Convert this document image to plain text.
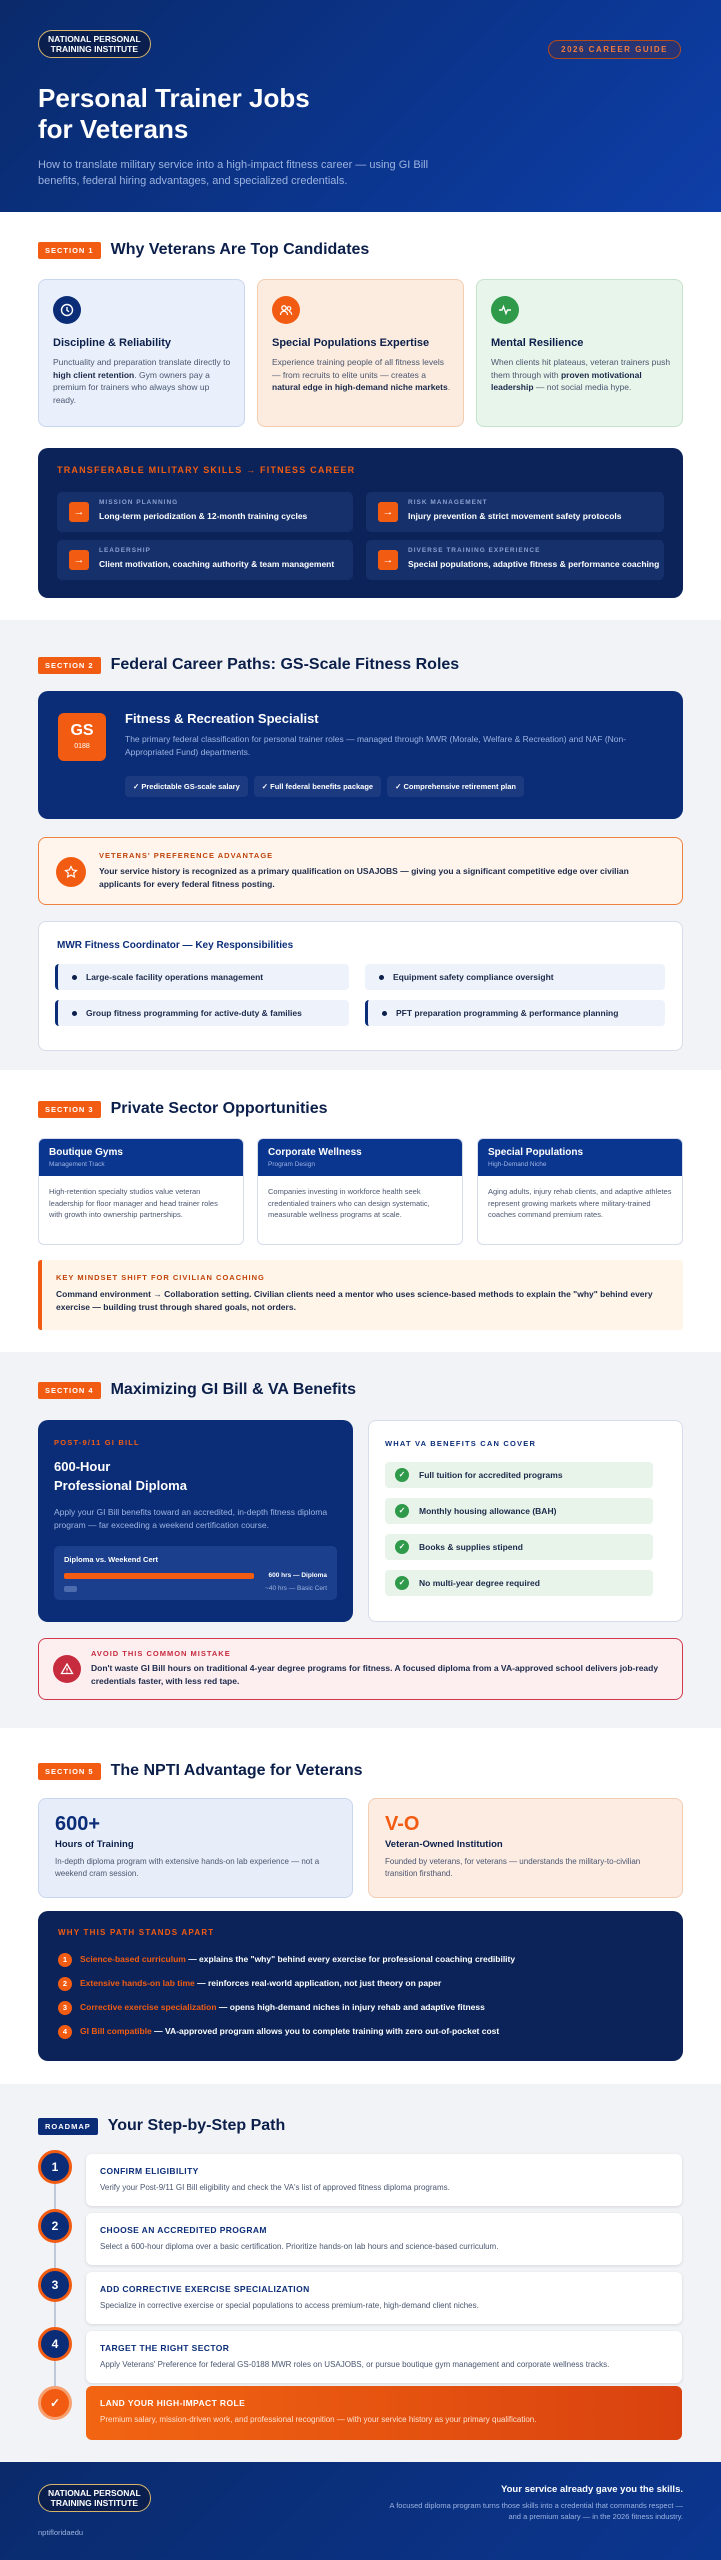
NATIONAL PERSONAL
TRAINING INSTITUTE	2026 CAREER GUIDE
Personal Trainer Jobs
for Veterans

How to translate military service into a high-impact fitness career — using GI Bill benefits, federal hiring advantages, and specialized credentials.

SECTION 1	Why Veterans Are Top Candidates
Discipline & Reliability

Punctuality and preparation translate directly to high client retention. Gym owners pay a premium for trainers who always show up ready.

Special Populations Expertise

Experience training people of all fitness levels — from recruits to elite units — creates a natural edge in high-demand niche markets.

Mental Resilience

When clients hit plateaus, veteran trainers push them through with proven motivational leadership — not social media hype.

TRANSFERABLE MILITARY SKILLS → FITNESS CAREER
→
MISSION PLANNING
Long-term periodization & 12-month training cycles	→
RISK MANAGEMENT
Injury prevention & strict movement safety protocols
→
LEADERSHIP
Client motivation, coaching authority & team management	→
DIVERSE TRAINING EXPERIENCE
Special populations, adaptive fitness & performance coaching
SECTION 2	Federal Career Paths: GS-Scale Fitness Roles
GS
0188
Fitness & Recreation Specialist
The primary federal classification for personal trainer roles — managed through MWR (Morale, Welfare & Recreation) and NAF (Non-Appropriated Fund) departments.
✓ Predictable GS-scale salary	✓ Full federal benefits package	✓ Comprehensive retirement plan
VETERANS' PREFERENCE ADVANTAGE
Your service history is recognized as a primary qualification on USAJOBS — giving you a significant competitive edge over civilian applicants for every federal fitness posting.
MWR Fitness Coordinator — Key Responsibilities
Large-scale facility operations management	Equipment safety compliance oversight
Group fitness programming for active-duty & families	PFT preparation programming & performance planning
SECTION 3	Private Sector Opportunities
Boutique Gyms
Management Track

High-retention specialty studios value veteran leadership for floor manager and head trainer roles with growth into ownership partnerships.

Corporate Wellness
Program Design

Companies investing in workforce health seek credentialed trainers who can design systematic, measurable wellness programs at scale.

Special Populations
High-Demand Niche

Aging adults, injury rehab clients, and adaptive athletes represent growing markets where military-trained coaches command premium rates.

KEY MINDSET SHIFT FOR CIVILIAN COACHING
Command environment → Collaboration setting. Civilian clients need a mentor who uses science-based methods to explain the "why" behind every exercise — building trust through shared goals, not orders.
SECTION 4	Maximizing GI Bill & VA Benefits
POST-9/11 GI BILL
600-Hour
Professional Diploma
Apply your GI Bill benefits toward an accredited, in-depth fitness diploma program — far exceeding a weekend certification course.
Diploma vs. Weekend Cert
600 hrs — Diploma
~40 hrs — Basic Cert
WHAT VA BENEFITS CAN COVER
✓	Full tuition for accredited programs
✓	Monthly housing allowance (BAH)
✓	Books & supplies stipend
✓	No multi-year degree required
AVOID THIS COMMON MISTAKE
Don't waste GI Bill hours on traditional 4-year degree programs for fitness. A focused diploma from a VA-approved school delivers job-ready credentials faster, with less red tape.
SECTION 5	The NPTI Advantage for Veterans
600+
Hours of Training
In-depth diploma program with extensive hands-on lab experience — not a weekend cram session.
V-O
Veteran-Owned Institution
Founded by veterans, for veterans — understands the military-to-civilian transition firsthand.
WHY THIS PATH STANDS APART
1 Science-based curriculum — explains the "why" behind every exercise for professional coaching credibility
2 Extensive hands-on lab time — reinforces real-world application, not just theory on paper
3 Corrective exercise specialization — opens high-demand niches in injury rehab and adaptive fitness
4 GI Bill compatible — VA-approved program allows you to complete training with zero out-of-pocket cost
ROADMAP	Your Step-by-Step Path
1	CONFIRM ELIGIBILITY
Verify your Post-9/11 GI Bill eligibility and check the VA's list of approved fitness diploma programs.
2	CHOOSE AN ACCREDITED PROGRAM
Select a 600-hour diploma over a basic certification. Prioritize hands-on lab hours and science-based curriculum.
3	ADD CORRECTIVE EXERCISE SPECIALIZATION
Specialize in corrective exercise or special populations to access premium-rate, high-demand client niches.
4	TARGET THE RIGHT SECTOR
Apply Veterans' Preference for federal GS-0188 MWR roles on USAJOBS, or pursue boutique gym management and corporate wellness tracks.
✓	LAND YOUR HIGH-IMPACT ROLE
Premium salary, mission-driven work, and professional recognition — with your service history as your primary qualification.
NATIONAL PERSONAL
TRAINING INSTITUTE
nptifloridaedu
Your service already gave you the skills.
A focused diploma program turns those skills into a credential that commands respect — and a premium salary — in the 2026 fitness industry.
